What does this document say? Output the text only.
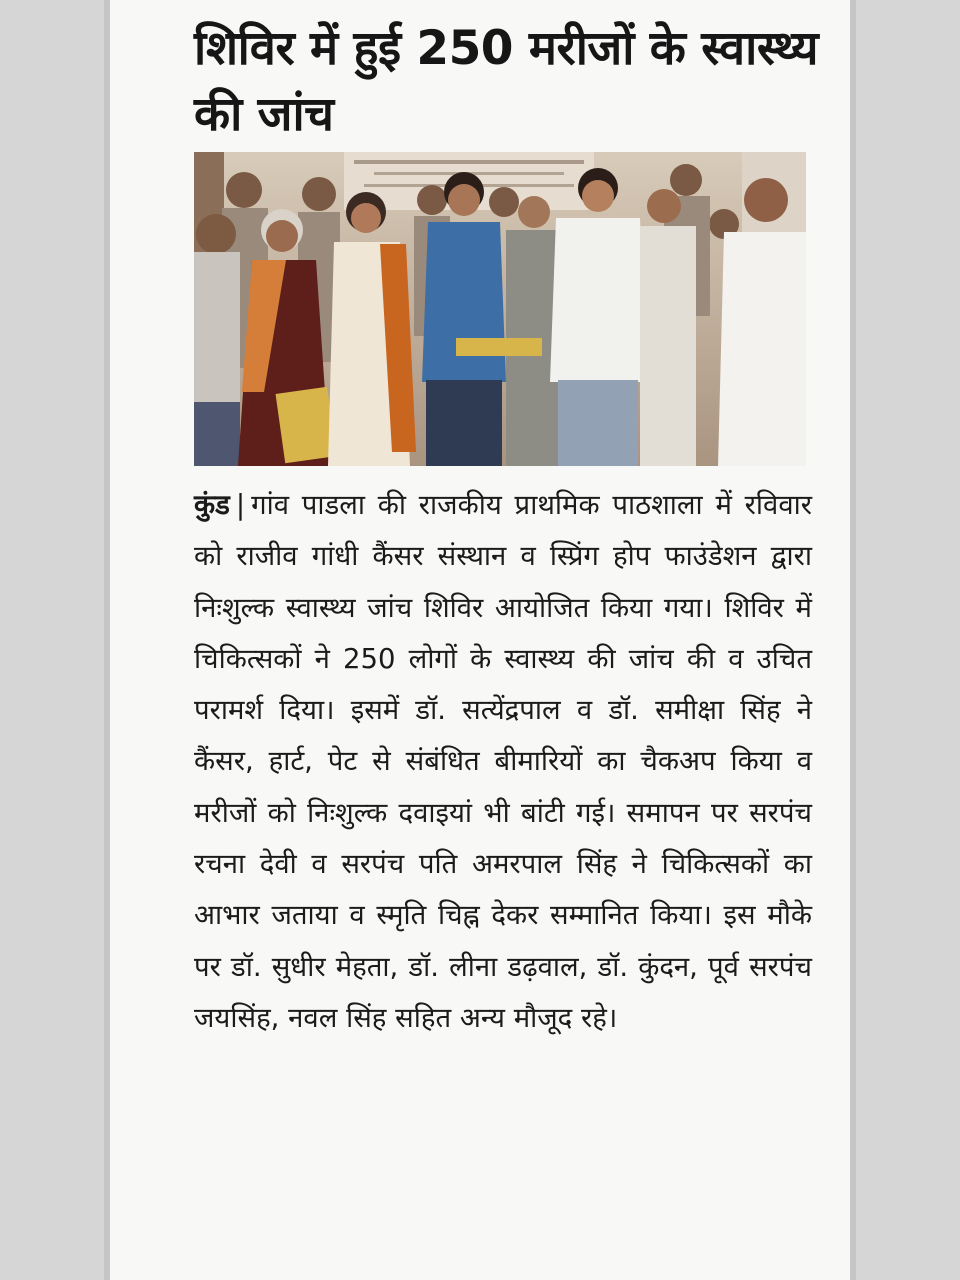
शिविर में हुई 250 मरीजों के स्वास्थ्य की जांच

कुंड | गांव पाडला की राजकीय प्राथमिक पाठशाला में रविवार को राजीव गांधी कैंसर संस्थान व स्प्रिंग होप फाउंडेशन द्वारा निःशुल्क स्वास्थ्य जांच शिविर आयोजित किया गया। शिविर में चिकित्सकों ने 250 लोगों के स्वास्थ्य की जांच की व उचित परामर्श दिया। इसमें डॉ. सत्येंद्रपाल व डॉ. समीक्षा सिंह ने कैंसर, हार्ट, पेट से संबंधित बीमारियों का चैकअप किया व मरीजों को निःशुल्क दवाइयां भी बांटी गई। समापन पर सरपंच रचना देवी व सरपंच पति अमरपाल सिंह ने चिकित्सकों का आभार जताया व स्मृति चिह्न देकर सम्मानित किया। इस मौके पर डॉ. सुधीर मेहता, डॉ. लीना डढ़वाल, डॉ. कुंदन, पूर्व सरपंच जयसिंह, नवल सिंह सहित अन्य मौजूद रहे।
